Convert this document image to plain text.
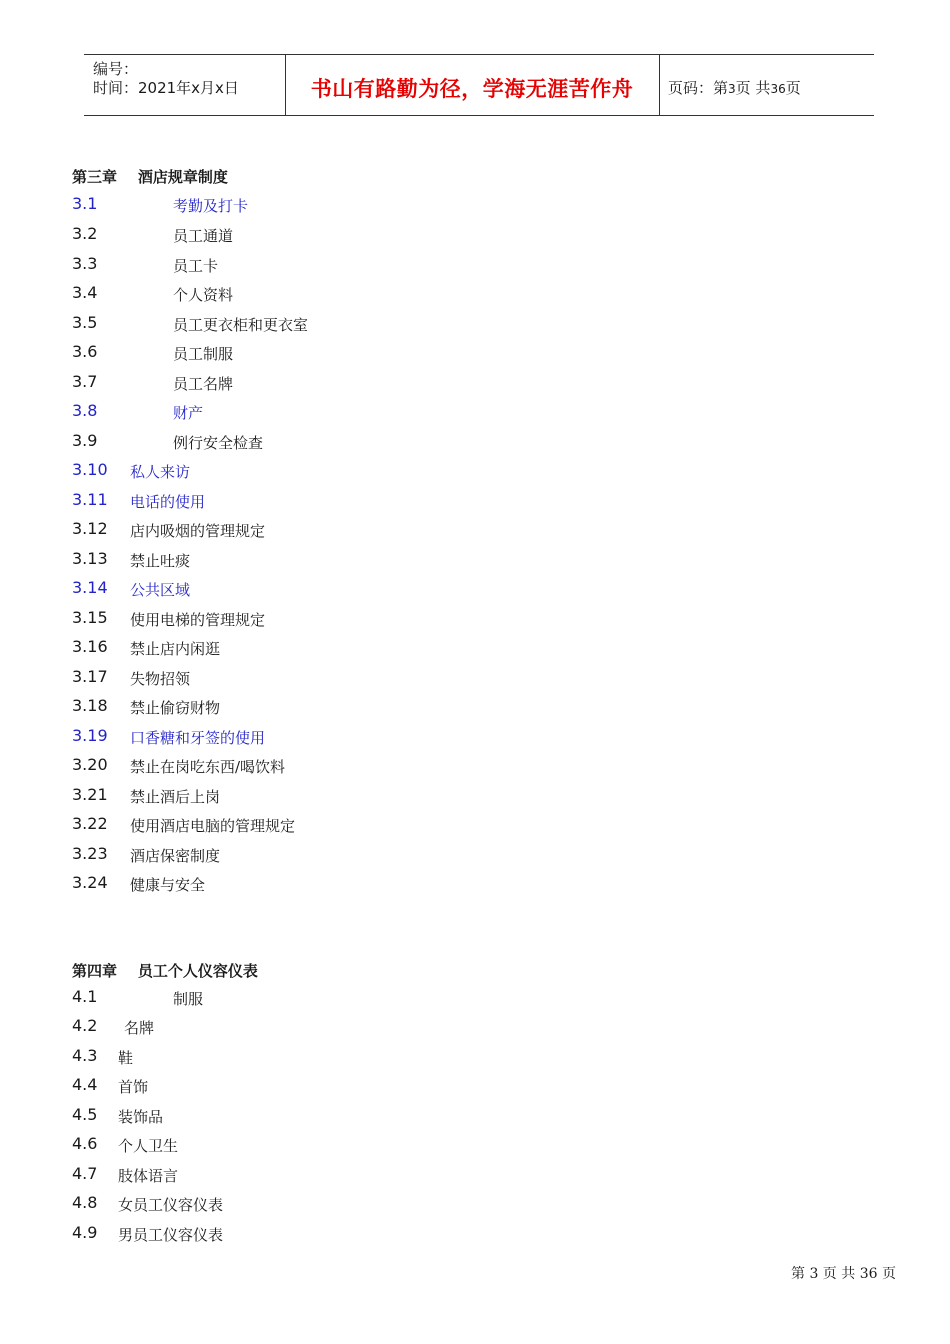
编号：
时间：2021年x月x日	书山有路勤为径，学海无涯苦作舟	页码：第3页 共36页
第三章    酒店规章制度
3.1	考勤及打卡
3.2	员工通道
3.3	员工卡
3.4	个人资料
3.5	员工更衣柜和更衣室
3.6	员工制服
3.7	员工名牌
3.8	财产
3.9	例行安全检查
3.10 私人来访
3.11 电话的使用
3.12 店内吸烟的管理规定
3.13 禁止吐痰
3.14 公共区域
3.15 使用电梯的管理规定
3.16 禁止店内闲逛
3.17 失物招领
3.18 禁止偷窃财物
3.19 口香糖和牙签的使用
3.20 禁止在岗吃东西/喝饮料
3.21 禁止酒后上岗
3.22 使用酒店电脑的管理规定
3.23 酒店保密制度
3.24 健康与安全
第四章    员工个人仪容仪表
4.1	制服
4.2 名牌
4.3 鞋
4.4 首饰
4.5 装饰品
4.6 个人卫生
4.7 肢体语言
4.8 女员工仪容仪表
4.9 男员工仪容仪表
第 3 页 共 36 页
